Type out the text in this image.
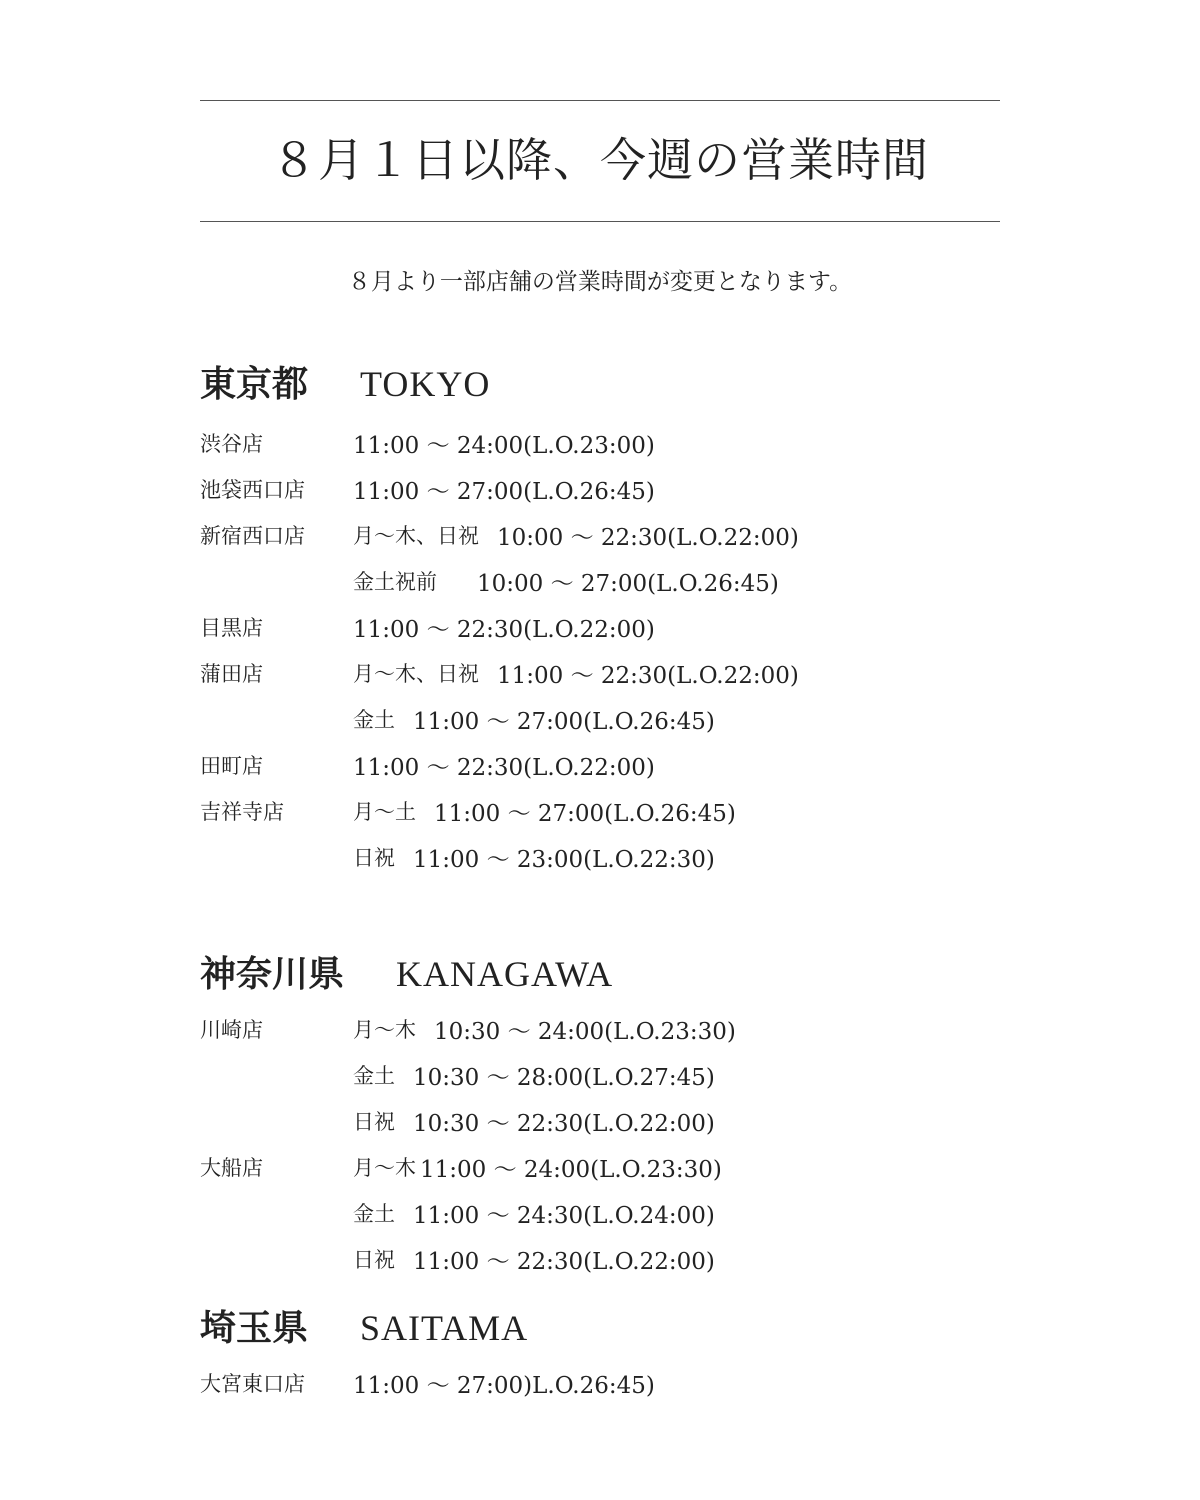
８月１日以降、今週の営業時間

８月より一部店舗の営業時間が変更となります。

東京都 TOKYO
渋谷店	11:00 ～ 24:00(L.O.23:00)
池袋西口店	11:00 ～ 27:00(L.O.26:45)
新宿西口店	月～木、日祝 10:00 ～ 22:30(L.O.22:00)
金土祝前 10:00 ～ 27:00(L.O.26:45)
目黒店	11:00 ～ 22:30(L.O.22:00)
蒲田店	月～木、日祝 11:00 ～ 22:30(L.O.22:00)
金土 11:00 ～ 27:00(L.O.26:45)
田町店	11:00 ～ 22:30(L.O.22:00)
吉祥寺店	月～土 11:00 ～ 27:00(L.O.26:45)
日祝 11:00 ～ 23:00(L.O.22:30)
神奈川県 KANAGAWA
川崎店	月～木 10:30 ～ 24:00(L.O.23:30)
金土 10:30 ～ 28:00(L.O.27:45)
日祝 10:30 ～ 22:30(L.O.22:00)
大船店	月～木 11:00 ～ 24:00(L.O.23:30)
金土 11:00 ～ 24:30(L.O.24:00)
日祝 11:00 ～ 22:30(L.O.22:00)
埼玉県 SAITAMA
大宮東口店	11:00 ～ 27:00)L.O.26:45)
